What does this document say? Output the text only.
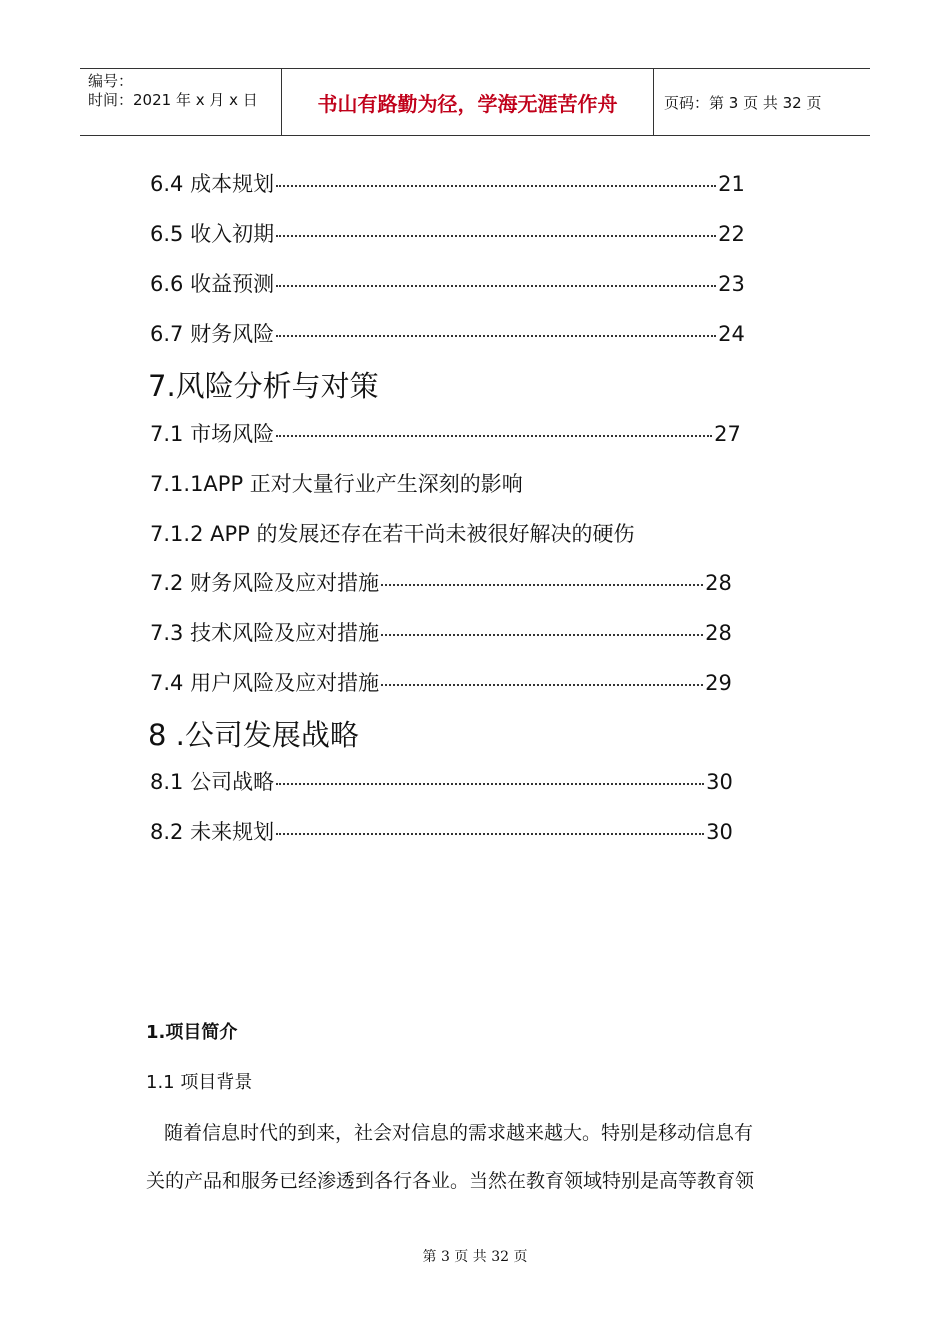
编号：
时间：2021 年 x 月 x 日	书山有路勤为径，学海无涯苦作舟	页码：第 3 页 共 32 页
6.4 成本规划	21
6.5 收入初期	22
6.6 收益预测	23
6.7 财务风险	24
7.风险分析与对策
7.1 市场风险	27
7.1.1APP 正对大量行业产生深刻的影响
7.1.2 APP 的发展还存在若干尚未被很好解决的硬伤
7.2 财务风险及应对措施	28
7.3 技术风险及应对措施	28
7.4 用户风险及应对措施	29
8 .公司发展战略
8.1 公司战略	30
8.2 未来规划	30
1.项目简介
1.1 项目背景
随着信息时代的到来，社会对信息的需求越来越大。特别是移动信息有
关的产品和服务已经渗透到各行各业。当然在教育领域特别是高等教育领
第 3 页 共 32 页
